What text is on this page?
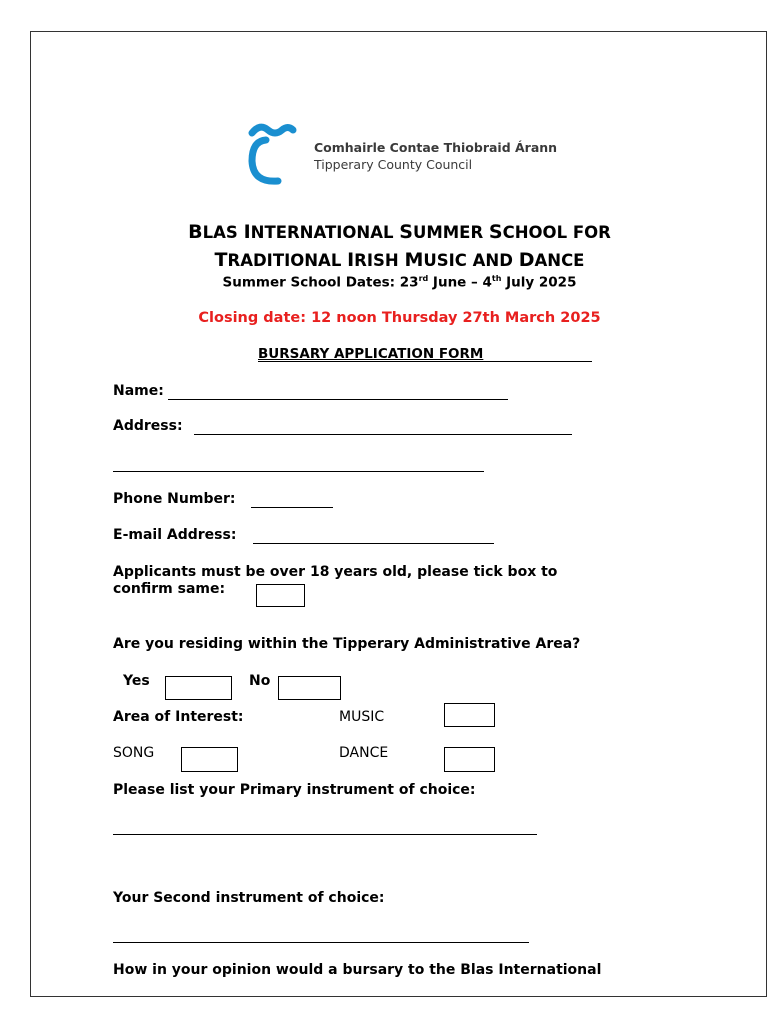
Comhairle Contae Thiobraid Árann
Tipperary County Council
BLAS INTERNATIONAL SUMMER SCHOOL FOR
TRADITIONAL IRISH MUSIC AND DANCE
Summer School Dates: 23rd June – 4th July 2025
Closing date: 12 noon Thursday 27th March 2025
BURSARY APPLICATION FORM
Name:
Address:
Phone Number:
E-mail Address:
Applicants must be over 18 years old, please tick box to
confirm same:
Are you residing within the Tipperary Administrative Area?
Yes	No
Area of Interest:	MUSIC
SONG	DANCE
Please list your Primary instrument of choice:
Your Second instrument of choice:
How in your opinion would a bursary to the Blas International
